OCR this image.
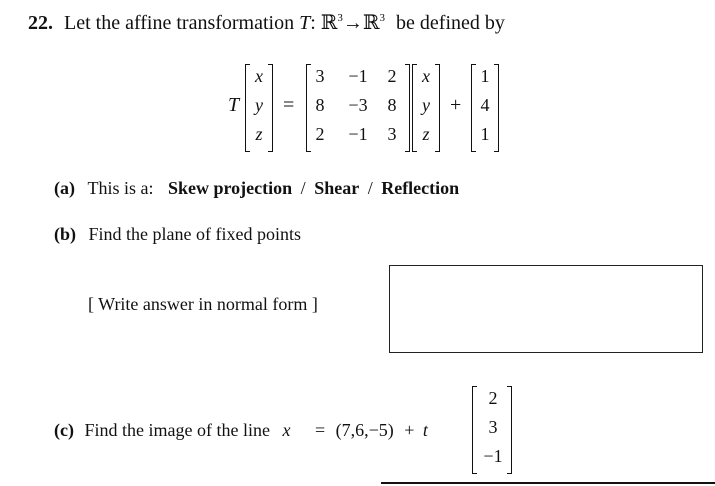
22. Let the affine transformation T: ℝ$^3$→ℝ$^3$ be defined by
T
x
y
z
=
3	−1	2
8	−3	8
2	−1	3
x
y
z
+
1
4
1
(a) This is a: Skew projection / Shear / Reflection
(b) Find the plane of fixed points
[ Write answer in normal form ]
(c) Find the image of the line x⃗ = (7,6,−5) + t
2
3
−1
